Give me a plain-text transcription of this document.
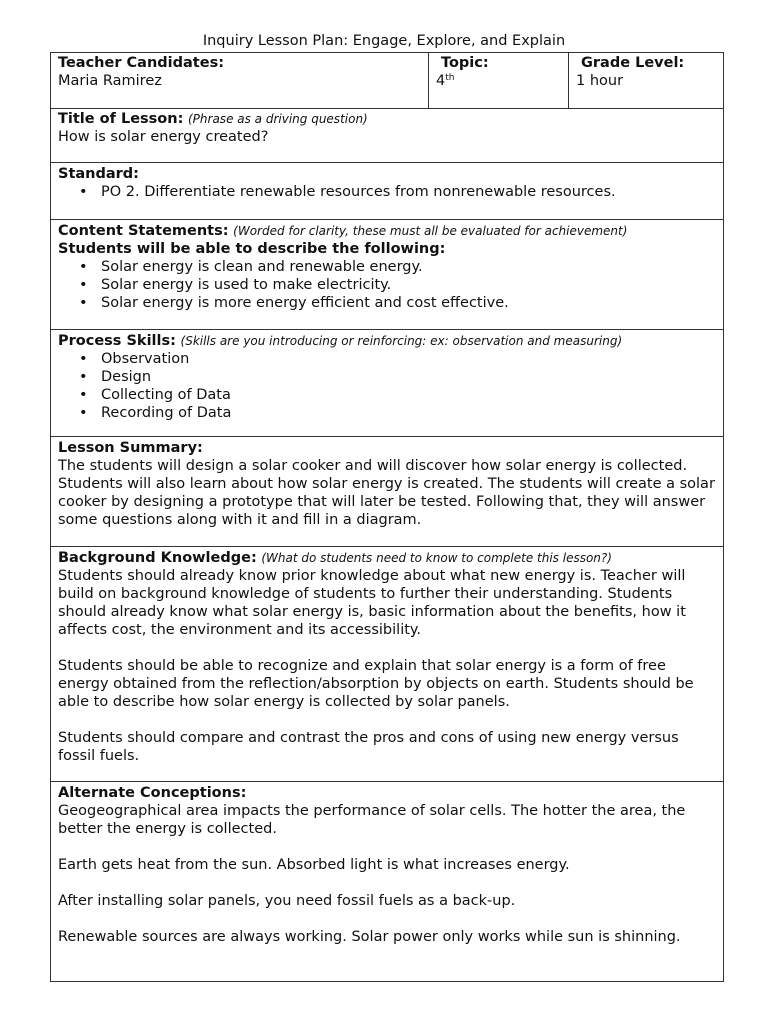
Inquiry Lesson Plan: Engage, Explore, and Explain
Teacher Candidates:
Maria Ramirez
Topic:
4th
Grade Level:
1 hour
Title of Lesson: (Phrase as a driving question)
How is solar energy created?
Standard:
• PO 2. Differentiate renewable resources from nonrenewable resources.
Content Statements: (Worded for clarity, these must all be evaluated for achievement)
Students will be able to describe the following:
• Solar energy is clean and renewable energy.
• Solar energy is used to make electricity.
• Solar energy is more energy efficient and cost effective.
Process Skills: (Skills are you introducing or reinforcing: ex: observation and measuring)
• Observation
• Design
• Collecting of Data
• Recording of Data
Lesson Summary:

The students will design a solar cooker and will discover how solar energy is collected. Students will also learn about how solar energy is created. The students will create a solar cooker by designing a prototype that will later be tested. Following that, they will answer some questions along with it and fill in a diagram.

Background Knowledge: (What do students need to know to complete this lesson?)

Students should already know prior knowledge about what new energy is. Teacher will build on background knowledge of students to further their understanding. Students should already know what solar energy is, basic information about the benefits, how it affects cost, the environment and its accessibility.

Students should be able to recognize and explain that solar energy is a form of free energy obtained from the reflection/absorption by objects on earth. Students should be able to describe how solar energy is collected by solar panels.

Students should compare and contrast the pros and cons of using new energy versus fossil fuels.

Alternate Conceptions:

Geogeographical area impacts the performance of solar cells. The hotter the area, the better the energy is collected.

Earth gets heat from the sun. Absorbed light is what increases energy.

After installing solar panels, you need fossil fuels as a back-up.

Renewable sources are always working. Solar power only works while sun is shinning.
